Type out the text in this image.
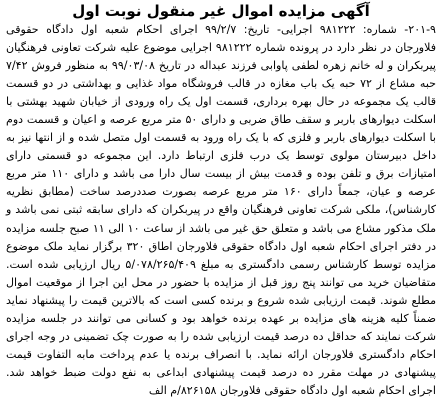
آگهی مزایده اموال غیر منقول نوبت اول

۲۰۱-۹- شماره: ۹۸۱۲۲۲ اجرایی- تاریخ: ۹۹/۲/۷ اجرای احکام شعبه اول دادگاه حقوقی فلاورجان در نظر دارد در پرونده شماره ۹۸۱۲۲۲ اجرایی موضوع علیه شرکت تعاونی فرهنگیان پیربکران و له خانم زهره لطفی پاوابی فرزند عبداله در تاریخ ۹۹/۰۳/۰۸ به منظور فروش ۷/۴۲ حبه مشاع از ۷۲ حبه یک باب مغازه در قالب فروشگاه مواد غذایی و بهداشتی در دو قسمت قالب یک مجموعه در حال بهره برداری، قسمت اول یک راه ورودی از خیابان شهید بهشتی با اسکلت دیوارهای باربر و سقف طاق ضربی و دارای ۵۰ متر مربع عرصه و اعیان و قسمت دوم با اسکلت دیوارهای باربر و فلزی که با یک راه ورود به قسمت اول متصل شده و از انتها نیز به داخل دبیرستان مولوی توسط یک درب فلزی ارتباط دارد. این مجموعه دو قسمتی دارای امتیازات برق و تلفن بوده و قدمت بیش از بیست سال دارا می باشد و دارای ۱۱۰ متر مربع عرصه و عیان، جمعاً دارای ۱۶۰ متر مربع عرصه بصورت صددرصد ساخت (مطابق نظریه کارشناس)، ملکی شرکت تعاونی فرهنگیان واقع در پیربکران که دارای سابقه ثبتی نمی باشد و ملک مذکور مشاع می باشد و متعلق حق غیر می باشد از ساعت ۱۰ الی ۱۱ صبح جلسه مزایده در دفتر اجرای احکام شعبه اول دادگاه حقوقی فلاورجان اطاق ۳۲۰ برگزار نماید ملک موضوع مزایده توسط کارشناس رسمی دادگستری به مبلغ ۵/۰۷۸/۲۶۵/۴۰۹ ریال ارزیابی شده است. متقاضیان خرید می توانند پنج روز قبل از مزایده با حضور در محل این اجرا از موقعیت اموال مطلع شوند. قیمت ارزیابی شده شروع و برنده کسی است که بالاترین قیمت را پیشنهاد نماید ضمناً کلیه هزینه های مزایده بر عهده برنده خواهد بود و کسانی می توانند در جلسه مزایده شرکت نمایند که حداقل ده درصد قیمت ارزیابی شده را به صورت چک تضمینی در وجه اجرای احکام دادگستری فلاورجان ارائه نماید. با انصراف برنده یا عدم پرداخت مابه التفاوت قیمت پیشنهادی در مهلت مقرر ده درصد قیمت پیشنهادی ابداعی به نفع دولت ضبط خواهد شد. اجرای احکام شعبه اول دادگاه حقوقی فلاورجان ۸۲۶۱۵۸/م الف
